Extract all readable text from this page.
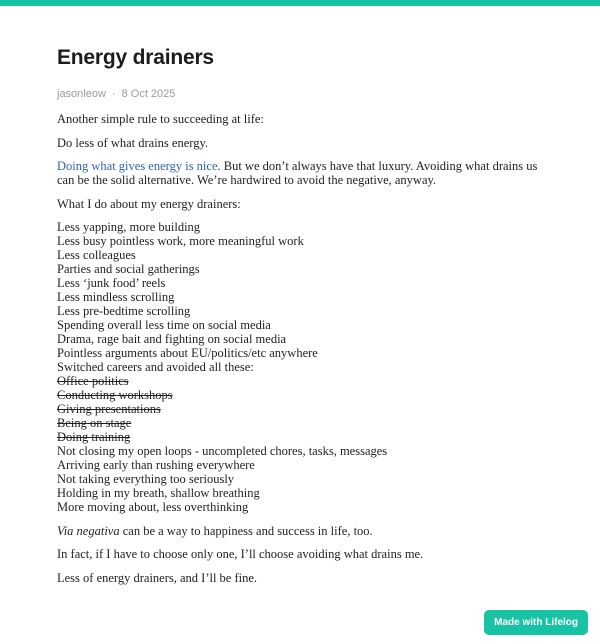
Energy drainers
jasonleow · 8 Oct 2025

Another simple rule to succeeding at life:

Do less of what drains energy.

Doing what gives energy is nice. But we don’t always have that luxury. Avoiding what drains us can be the solid alternative. We’re hardwired to avoid the negative, anyway.

What I do about my energy drainers:

Less yapping, more building
Less busy pointless work, more meaningful work
Less colleagues
Parties and social gatherings
Less ‘junk food’ reels
Less mindless scrolling
Less pre-bedtime scrolling
Spending overall less time on social media
Drama, rage bait and fighting on social media
Pointless arguments about EU/politics/etc anywhere
Switched careers and avoided all these:
Office politics
Conducting workshops
Giving presentations
Being on stage
Doing training
Not closing my open loops - uncompleted chores, tasks, messages
Arriving early than rushing everywhere
Not taking everything too seriously
Holding in my breath, shallow breathing
More moving about, less overthinking

Via negativa can be a way to happiness and success in life, too.

In fact, if I have to choose only one, I’ll choose avoiding what drains me.

Less of energy drainers, and I’ll be fine.

Made with Lifelog
